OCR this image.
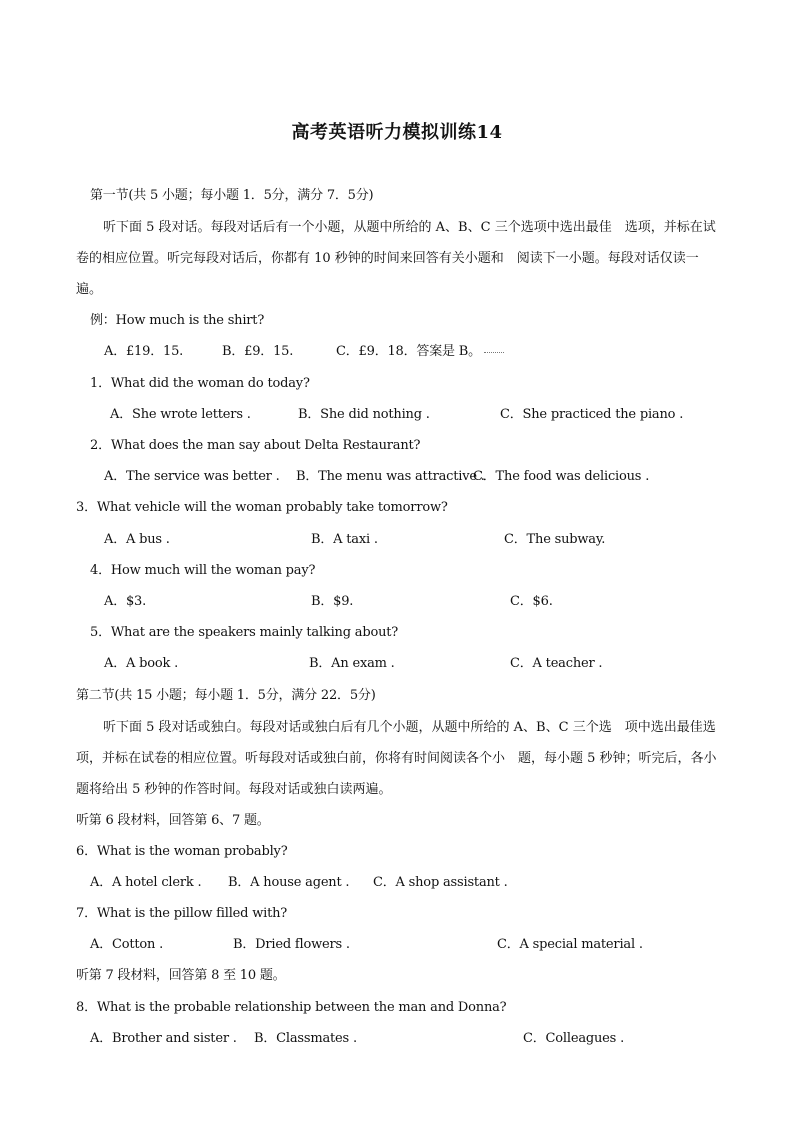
高考英语听力模拟训练14
第一节(共 5 小题；每小题 1．5分，满分 7．5分)
听下面 5 段对话。每段对话后有一个小题，从题中所给的 A、B、C 三个选项中选出最佳　选项，并标在试卷的相应位置。听完每段对话后，你都有 10 秒钟的时间来回答有关小题和　阅读下一小题。每段对话仅读一遍。
例：How much is the shirt?
A．£19．15.	B．£9．15.	C．£9．18．答案是 B。
1．What did the woman do today?
A．She wrote letters .	B．She did nothing .	C．She practiced the piano .
2．What does the man say about Delta Restaurant?
A．The service was better . B．The menu was attractive .
C．The food was delicious .
3．What vehicle will the woman probably take tomorrow?
A．A bus .	B．A taxi .	C．The subway.
4．How much will the woman pay?
A．$3.	B．$9.	C．$6.
5．What are the speakers mainly talking about?
A．A book .	B．An exam .	C．A teacher .
第二节(共 15 小题；每小题 1．5分，满分 22．5分)
听下面 5 段对话或独白。每段对话或独白后有几个小题，从题中所给的 A、B、C 三个选　项中选出最佳选项，并标在试卷的相应位置。听每段对话或独白前，你将有时间阅读各个小　题，每小题 5 秒钟；听完后，各小题将给出 5 秒钟的作答时间。每段对话或独白读两遍。
听第 6 段材料，回答第 6、7 题。
6．What is the woman probably?
A．A hotel clerk . B．A house agent . C．A shop assistant .
7．What is the pillow filled with?
A．Cotton .	B．Dried flowers .	C．A special material .
听第 7 段材料，回答第 8 至 10 题。
8．What is the probable relationship between the man and Donna?
A．Brother and sister . B．Classmates .	C．Colleagues .
